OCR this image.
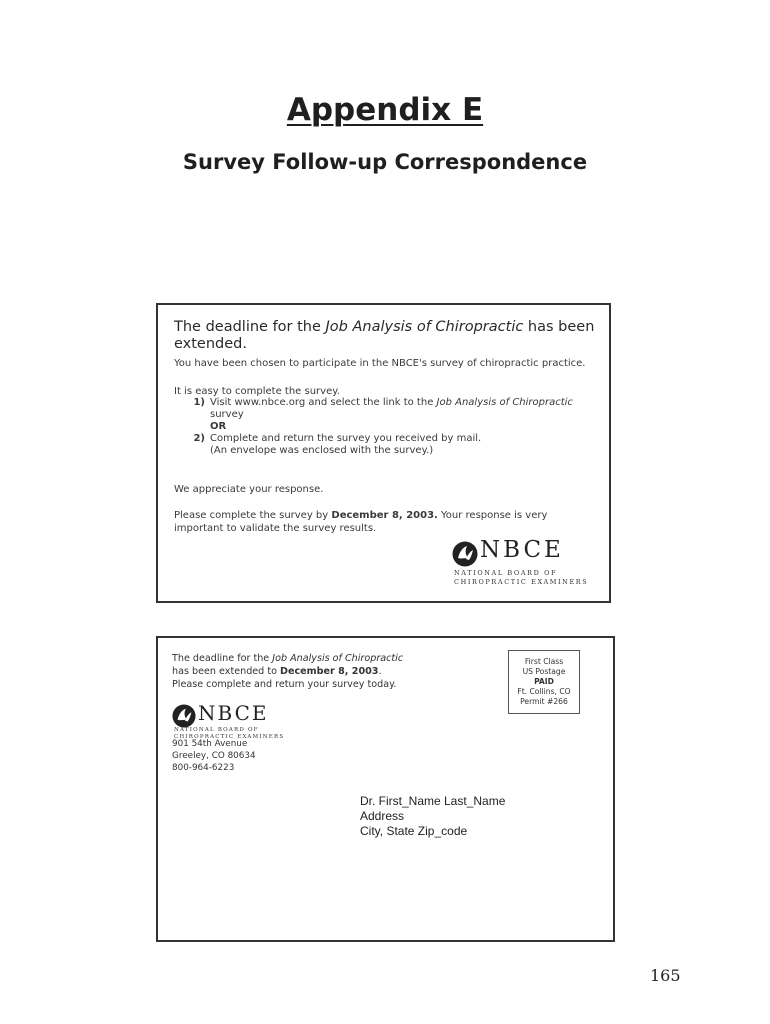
Appendix E
Survey Follow-up Correspondence
The deadline for the Job Analysis of Chiropractic has been extended.
You have been chosen to participate in the NBCE's survey of chiropractic practice.
It is easy to complete the survey.
1) Visit www.nbce.org and select the link to the Job Analysis of Chiropractic survey
OR
2) Complete and return the survey you received by mail.
(An envelope was enclosed with the survey.)
We appreciate your response.
Please complete the survey by December 8, 2003. Your response is very important to validate the survey results.
NBCE
NATIONAL BOARD OF
CHIROPRACTIC EXAMINERS
The deadline for the Job Analysis of Chiropractic
has been extended to December 8, 2003.
Please complete and return your survey today.
First Class
US Postage
PAID
Ft. Collins, CO
Permit #266
NBCE
NATIONAL BOARD OF
CHIROPRACTIC EXAMINERS
901 54th Avenue
Greeley, CO 80634
800-964-6223
Dr. First_Name Last_Name
Address
City, State Zip_code
165
